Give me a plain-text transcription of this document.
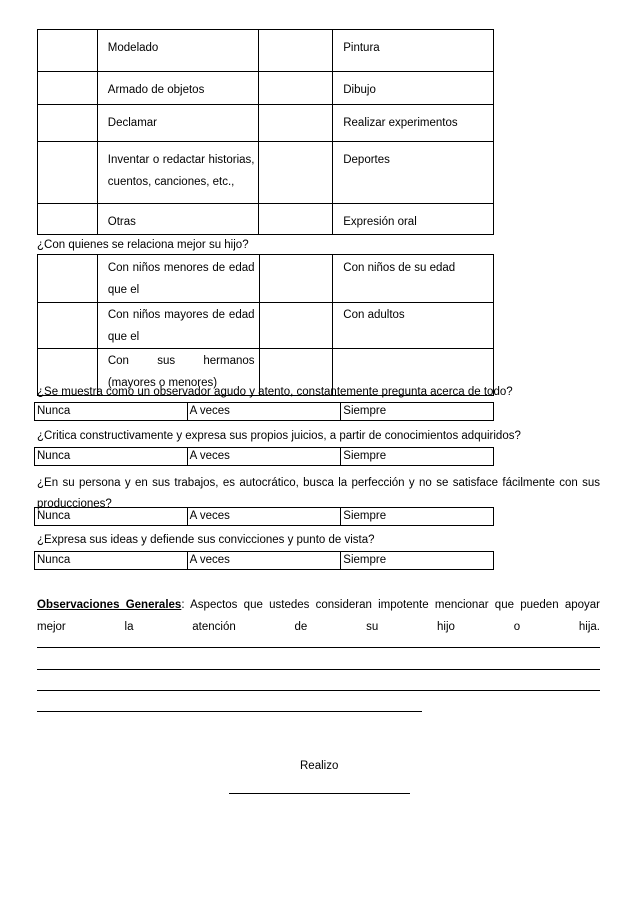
	Modelado		Pintura

	Armado de objetos		Dibujo

	Declamar		Realizar experimentos

	Inventar o redactar historias, cuentos, canciones, etc.,		Deportes

	Otras		Expresión oral
¿Con quienes se relaciona mejor su hijo?

	Con niños menores de edad que el		Con niños de su edad

	Con niños mayores de edad que el		Con adultos

	Con sus hermanos (mayores o menores)		

¿Se muestra como un observador agudo y atento, constantemente pregunta acerca de todo?
Nunca	A veces	Siempre
¿Critica constructivamente y expresa sus propios juicios, a partir de conocimientos adquiridos?
Nunca	A veces	Siempre
¿En su persona y en sus trabajos, es autocrático, busca la perfección y no se satisface fácilmente con sus producciones?
Nunca	A veces	Siempre
¿Expresa sus ideas y defiende sus convicciones y punto de vista?
Nunca	A veces	Siempre
Observaciones Generales: Aspectos que ustedes consideran impotente mencionar que pueden apoyar mejor la atención de su hijo o hija.
Realizo
